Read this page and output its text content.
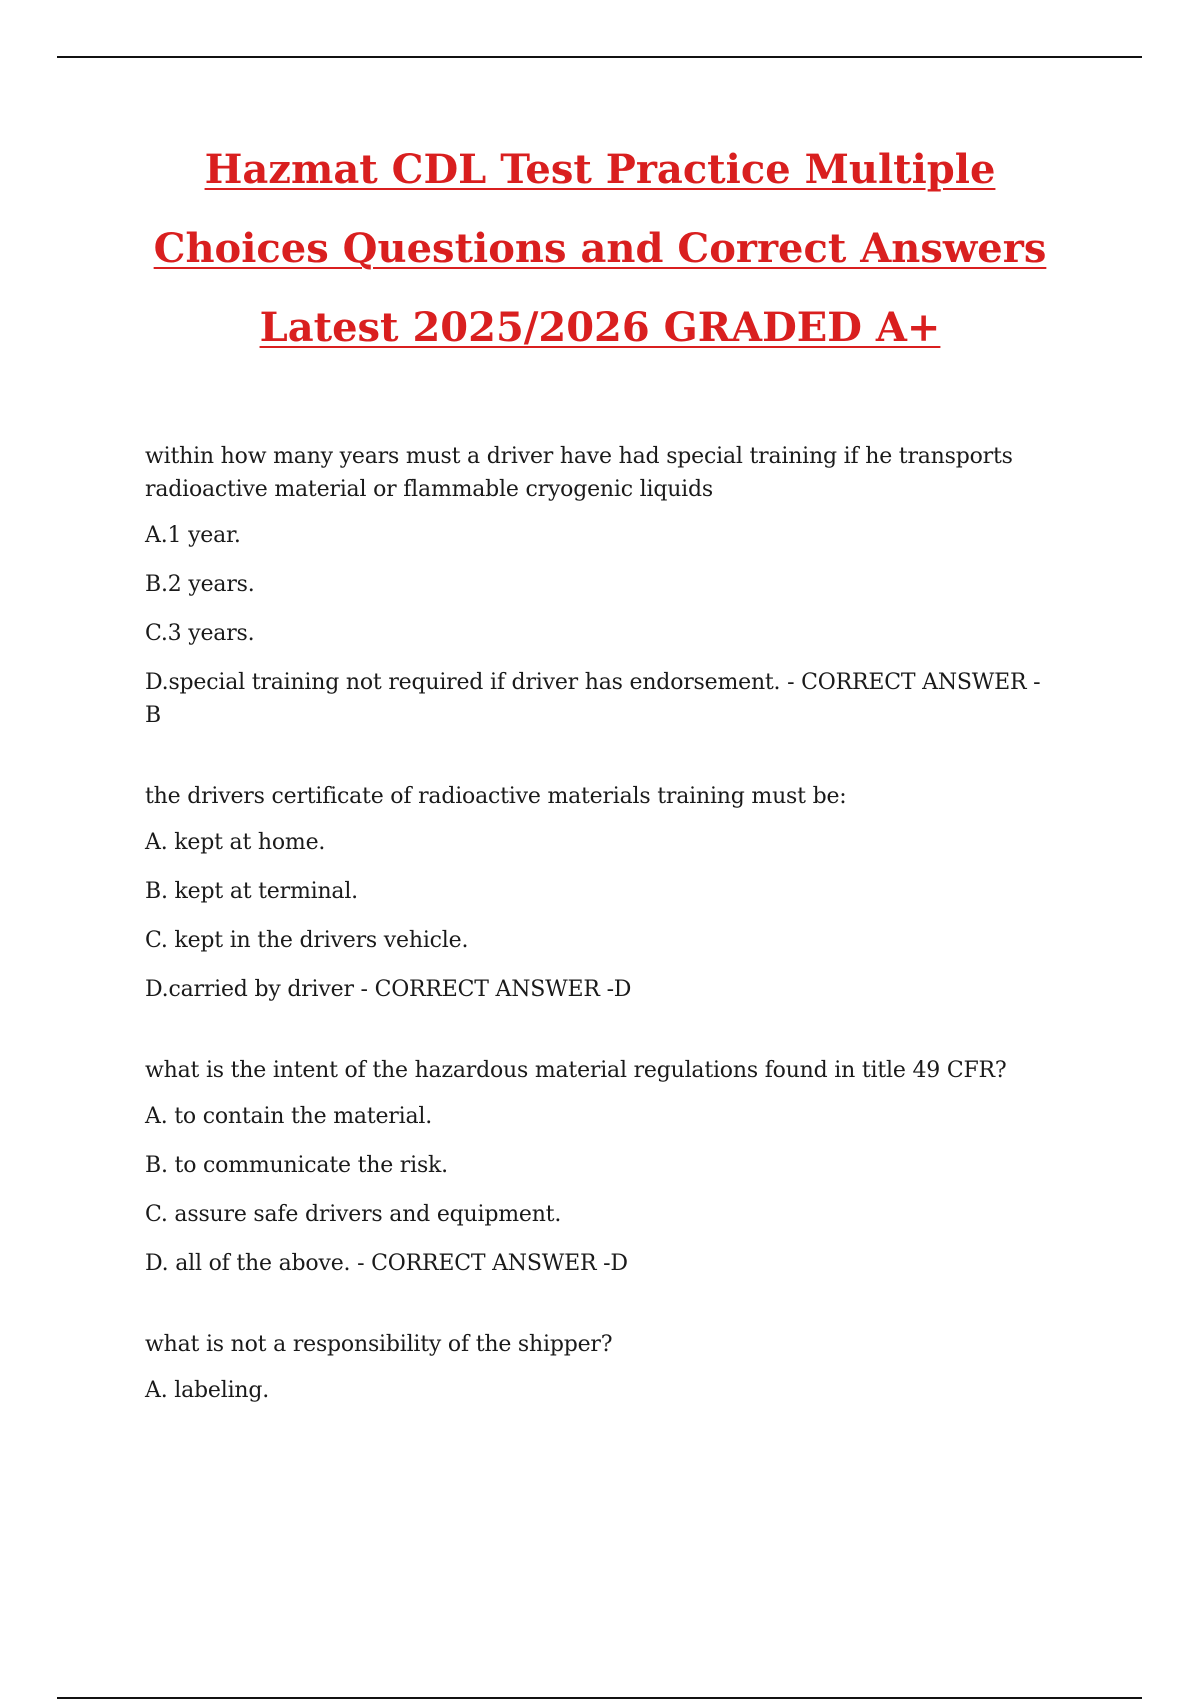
Hazmat CDL Test Practice Multiple
Choices Questions and Correct Answers
Latest 2025/2026 GRADED A+

within how many years must a driver have had special training if he transports radioactive material or flammable cryogenic liquids

A.1 year.

B.2 years.

C.3 years.

D.special training not required if driver has endorsement. - CORRECT ANSWER -B

the drivers certificate of radioactive materials training must be:

A. kept at home.

B. kept at terminal.

C. kept in the drivers vehicle.

D.carried by driver - CORRECT ANSWER -D

what is the intent of the hazardous material regulations found in title 49 CFR?

A. to contain the material.

B. to communicate the risk.

C. assure safe drivers and equipment.

D. all of the above. - CORRECT ANSWER -D

what is not a responsibility of the shipper?

A. labeling.
